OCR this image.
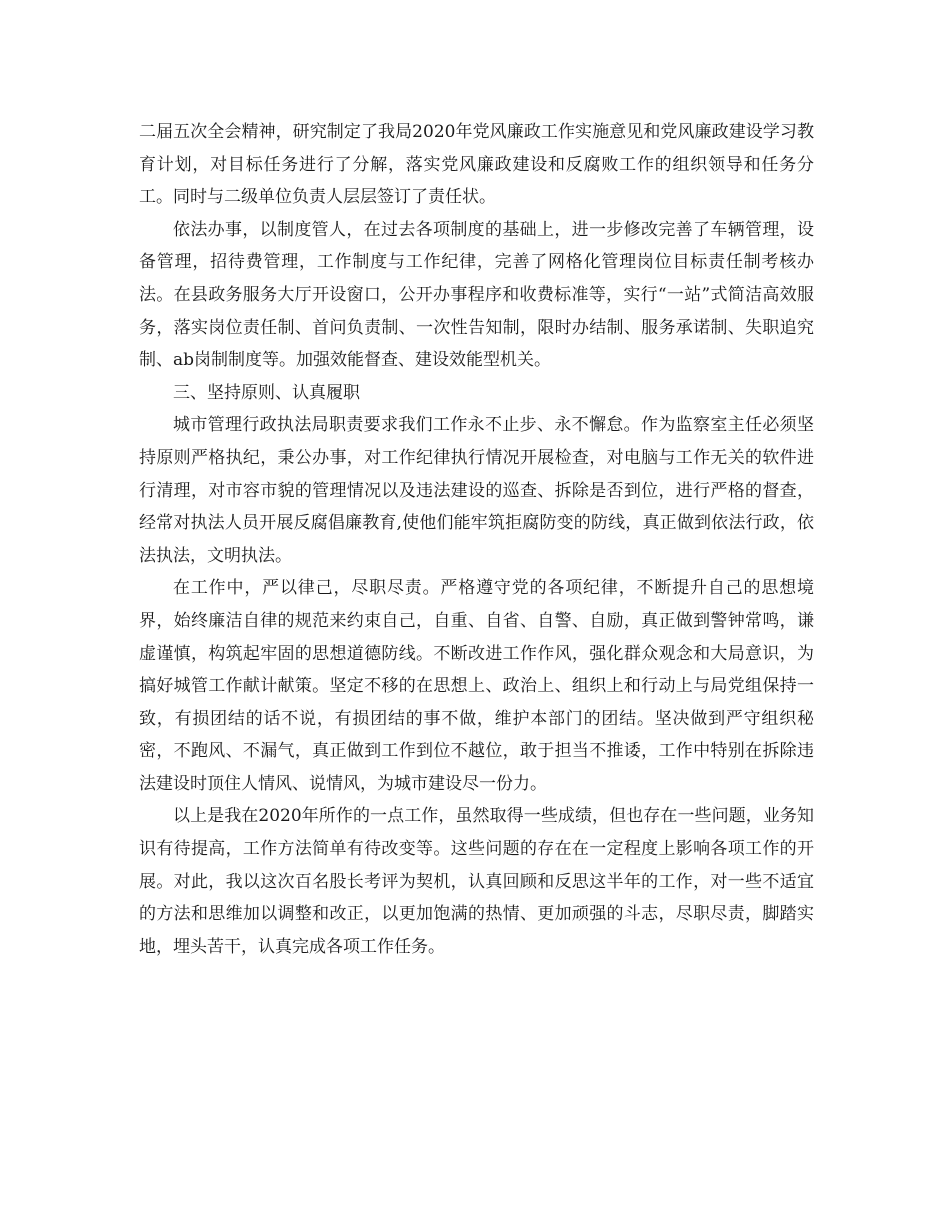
二届五次全会精神，研究制定了我局2020年党风廉政工作实施意见和党风廉政建设学习教育计划，对目标任务进行了分解，落实党风廉政建设和反腐败工作的组织领导和任务分工。同时与二级单位负责人层层签订了责任状。

依法办事，以制度管人，在过去各项制度的基础上，进一步修改完善了车辆管理，设备管理，招待费管理，工作制度与工作纪律，完善了网格化管理岗位目标责任制考核办法。在县政务服务大厅开设窗口，公开办事程序和收费标准等，实行“一站”式简洁高效服务，落实岗位责任制、首问负责制、一次性告知制，限时办结制、服务承诺制、失职追究制、ab岗制制度等。加强效能督查、建设效能型机关。

三、坚持原则、认真履职

城市管理行政执法局职责要求我们工作永不止步、永不懈怠。作为监察室主任必须坚持原则严格执纪，秉公办事，对工作纪律执行情况开展检查，对电脑与工作无关的软件进行清理，对市容市貌的管理情况以及违法建设的巡查、拆除是否到位，进行严格的督查，经常对执法人员开展反腐倡廉教育,使他们能牢筑拒腐防变的防线，真正做到依法行政，依法执法，文明执法。

在工作中，严以律己，尽职尽责。严格遵守党的各项纪律，不断提升自己的思想境界，始终廉洁自律的规范来约束自己，自重、自省、自警、自励，真正做到警钟常鸣，谦虚谨慎，构筑起牢固的思想道德防线。不断改进工作作风，强化群众观念和大局意识，为搞好城管工作献计献策。坚定不移的在思想上、政治上、组织上和行动上与局党组保持一致，有损团结的话不说，有损团结的事不做，维护本部门的团结。坚决做到严守组织秘密，不跑风、不漏气，真正做到工作到位不越位，敢于担当不推诿，工作中特别在拆除违法建设时顶住人情风、说情风，为城市建设尽一份力。

以上是我在2020年所作的一点工作，虽然取得一些成绩，但也存在一些问题，业务知识有待提高，工作方法简单有待改变等。这些问题的存在在一定程度上影响各项工作的开展。对此，我以这次百名股长考评为契机，认真回顾和反思这半年的工作，对一些不适宜的方法和思维加以调整和改正，以更加饱满的热情、更加顽强的斗志，尽职尽责，脚踏实地，埋头苦干，认真完成各项工作任务。
